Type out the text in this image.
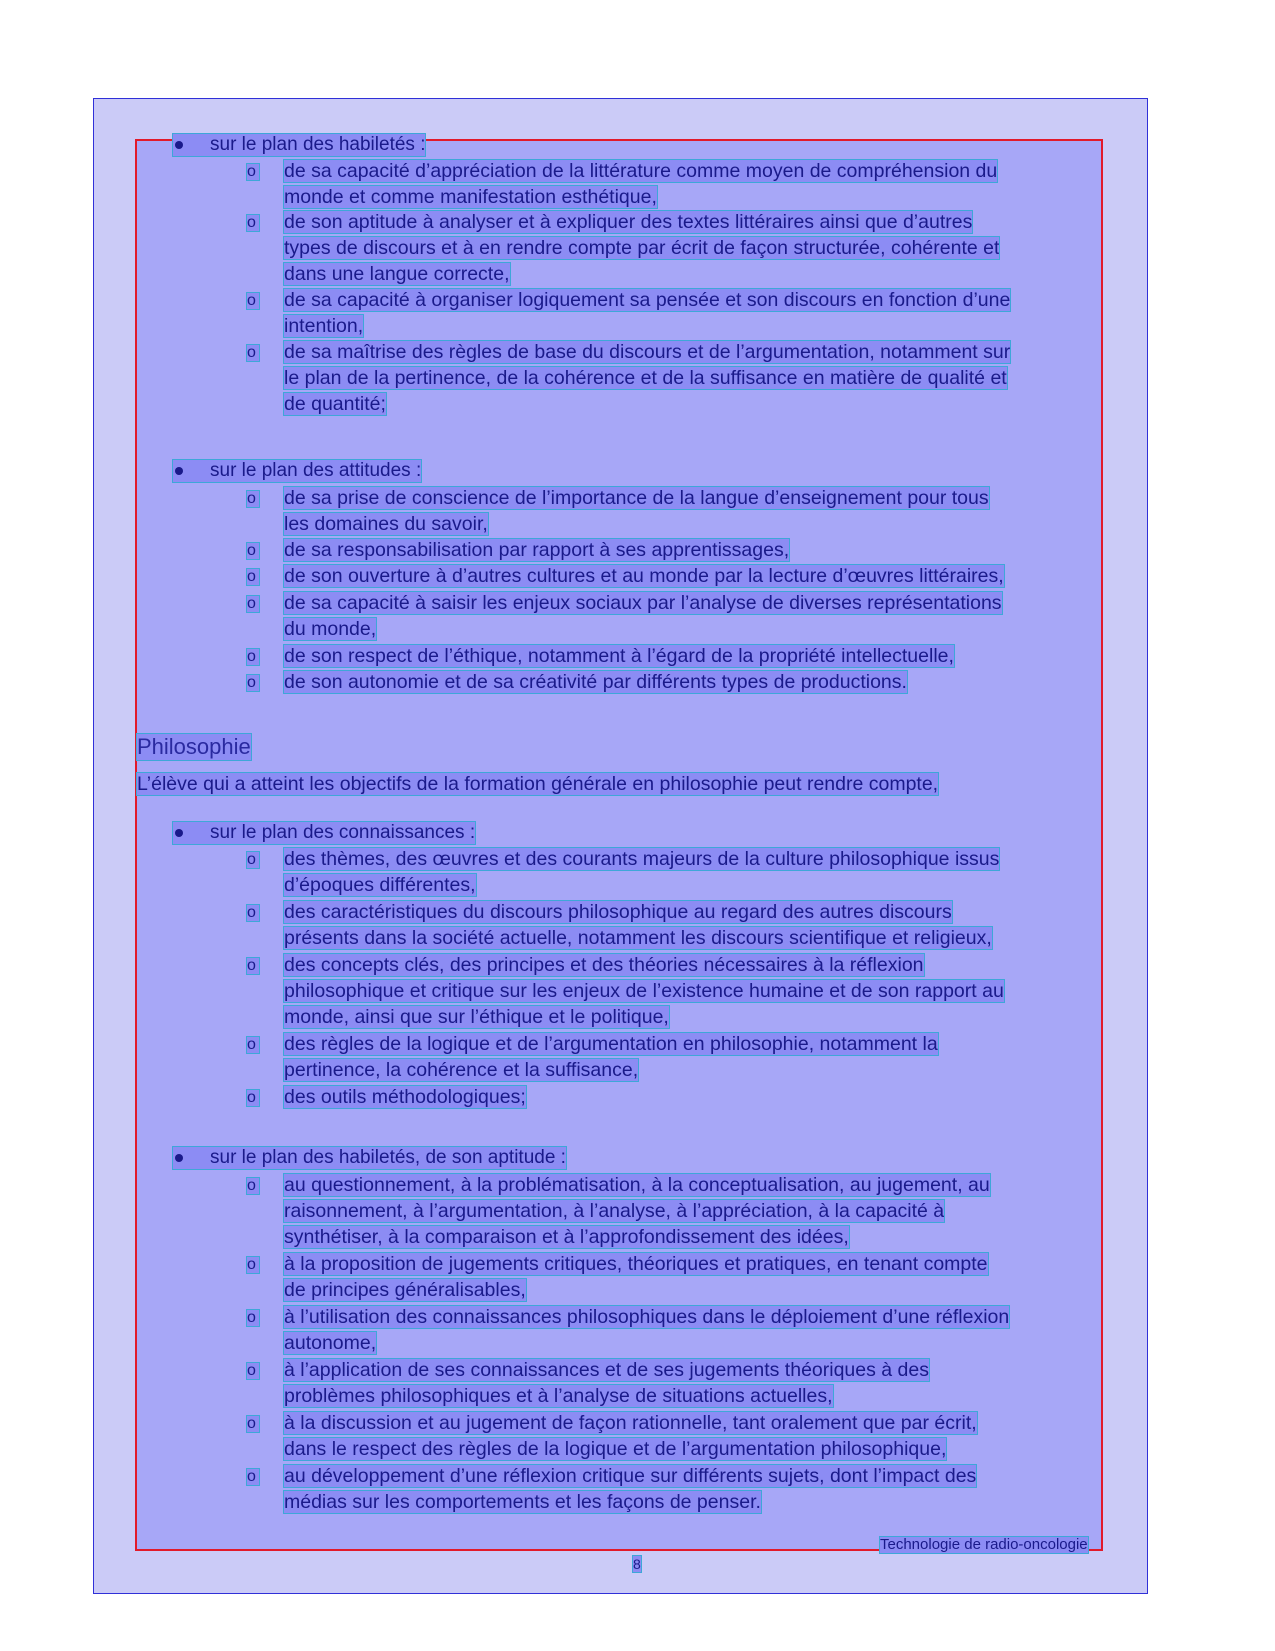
sur le plan des habiletés :
o de sa capacité d’appréciation de la littérature comme moyen de compréhension du
monde et comme manifestation esthétique,
o de son aptitude à analyser et à expliquer des textes littéraires ainsi que d’autres
types de discours et à en rendre compte par écrit de façon structurée, cohérente et
dans une langue correcte,
o de sa capacité à organiser logiquement sa pensée et son discours en fonction d’une
intention,
o de sa maîtrise des règles de base du discours et de l’argumentation, notamment sur
le plan de la pertinence, de la cohérence et de la suffisance en matière de qualité et
de quantité;
sur le plan des attitudes :
o de sa prise de conscience de l’importance de la langue d’enseignement pour tous
les domaines du savoir,
o de sa responsabilisation par rapport à ses apprentissages,
o de son ouverture à d’autres cultures et au monde par la lecture d’œuvres littéraires,
o de sa capacité à saisir les enjeux sociaux par l’analyse de diverses représentations
du monde,
o de son respect de l’éthique, notamment à l’égard de la propriété intellectuelle,
o de son autonomie et de sa créativité par différents types de productions.
Philosophie
L’élève qui a atteint les objectifs de la formation générale en philosophie peut rendre compte,
sur le plan des connaissances :
o des thèmes, des œuvres et des courants majeurs de la culture philosophique issus
d’époques différentes,
o des caractéristiques du discours philosophique au regard des autres discours
présents dans la société actuelle, notamment les discours scientifique et religieux,
o des concepts clés, des principes et des théories nécessaires à la réflexion
philosophique et critique sur les enjeux de l’existence humaine et de son rapport au
monde, ainsi que sur l’éthique et le politique,
o des règles de la logique et de l’argumentation en philosophie, notamment la
pertinence, la cohérence et la suffisance,
o des outils méthodologiques;
sur le plan des habiletés, de son aptitude :
o au questionnement, à la problématisation, à la conceptualisation, au jugement, au
raisonnement, à l’argumentation, à l’analyse, à l’appréciation, à la capacité à
synthétiser, à la comparaison et à l’approfondissement des idées,
o à la proposition de jugements critiques, théoriques et pratiques, en tenant compte
de principes généralisables,
o à l’utilisation des connaissances philosophiques dans le déploiement d’une réflexion
autonome,
o à l’application de ses connaissances et de ses jugements théoriques à des
problèmes philosophiques et à l’analyse de situations actuelles,
o à la discussion et au jugement de façon rationnelle, tant oralement que par écrit,
dans le respect des règles de la logique et de l’argumentation philosophique,
o au développement d’une réflexion critique sur différents sujets, dont l’impact des
médias sur les comportements et les façons de penser.
Technologie de radio-oncologie
8
